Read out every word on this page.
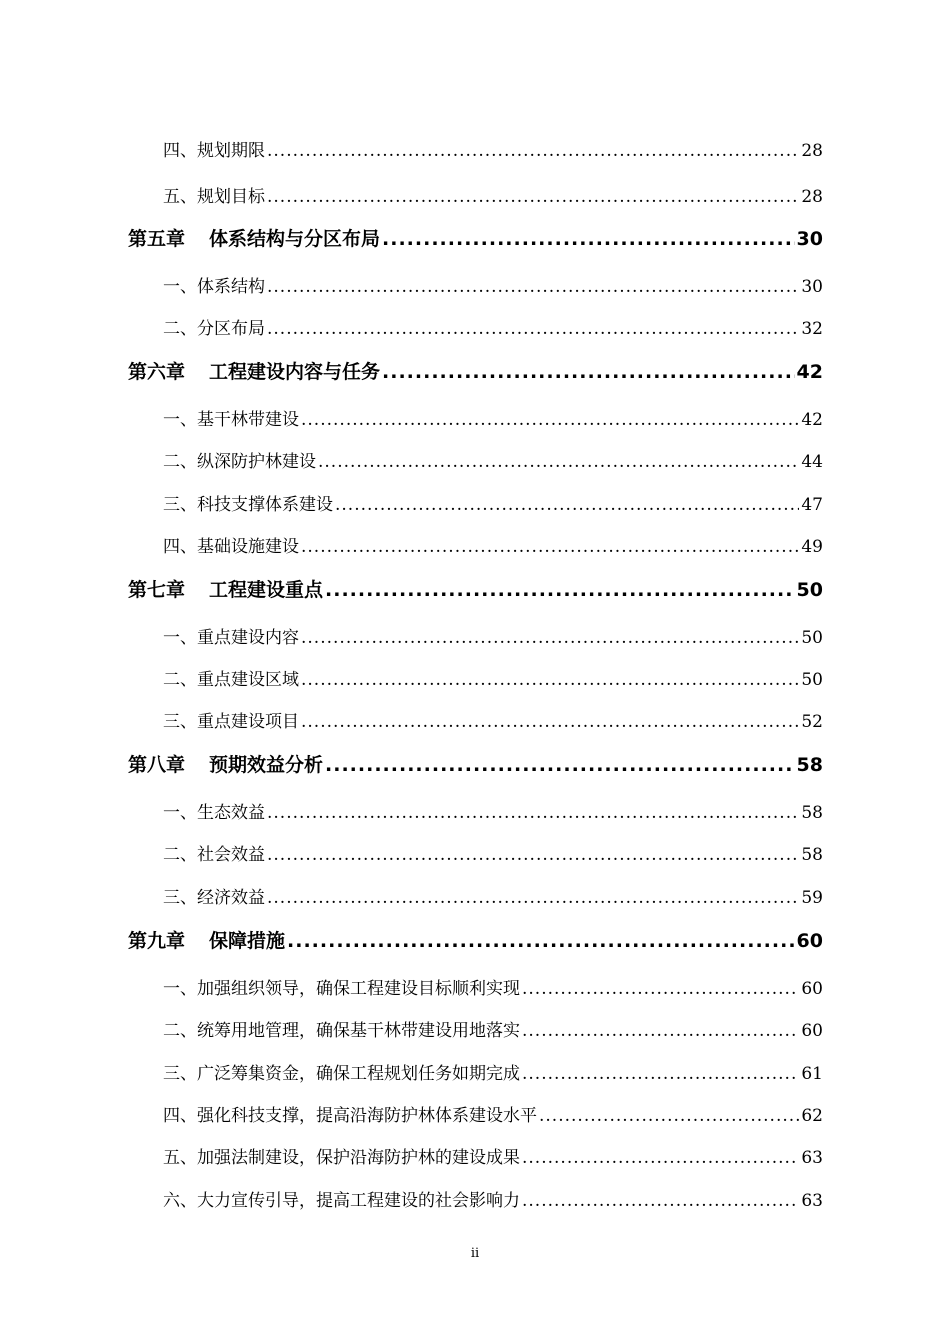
四、规划期限 .....	28
五、规划目标 .....	28
第五章 体系结构与分区布局 .....	30
一、体系结构 .....	30
二、分区布局 .....	32
第六章 工程建设内容与任务 .....	42
一、基干林带建设 .....	42
二、纵深防护林建设 .....	44
三、科技支撑体系建设 .....	47
四、基础设施建设 .....	49
第七章 工程建设重点 .....	50
一、重点建设内容 .....	50
二、重点建设区域 .....	50
三、重点建设项目 .....	52
第八章 预期效益分析 .....	58
一、生态效益 .....	58
二、社会效益 .....	58
三、经济效益 .....	59
第九章 保障措施 .....	60
一、加强组织领导，确保工程建设目标顺利实现 .....	60
二、统筹用地管理，确保基干林带建设用地落实 .....	60
三、广泛筹集资金，确保工程规划任务如期完成 .....	61
四、强化科技支撑，提高沿海防护林体系建设水平 .....	62
五、加强法制建设，保护沿海防护林的建设成果 .....	63
六、大力宣传引导，提高工程建设的社会影响力 .....	63
ii
